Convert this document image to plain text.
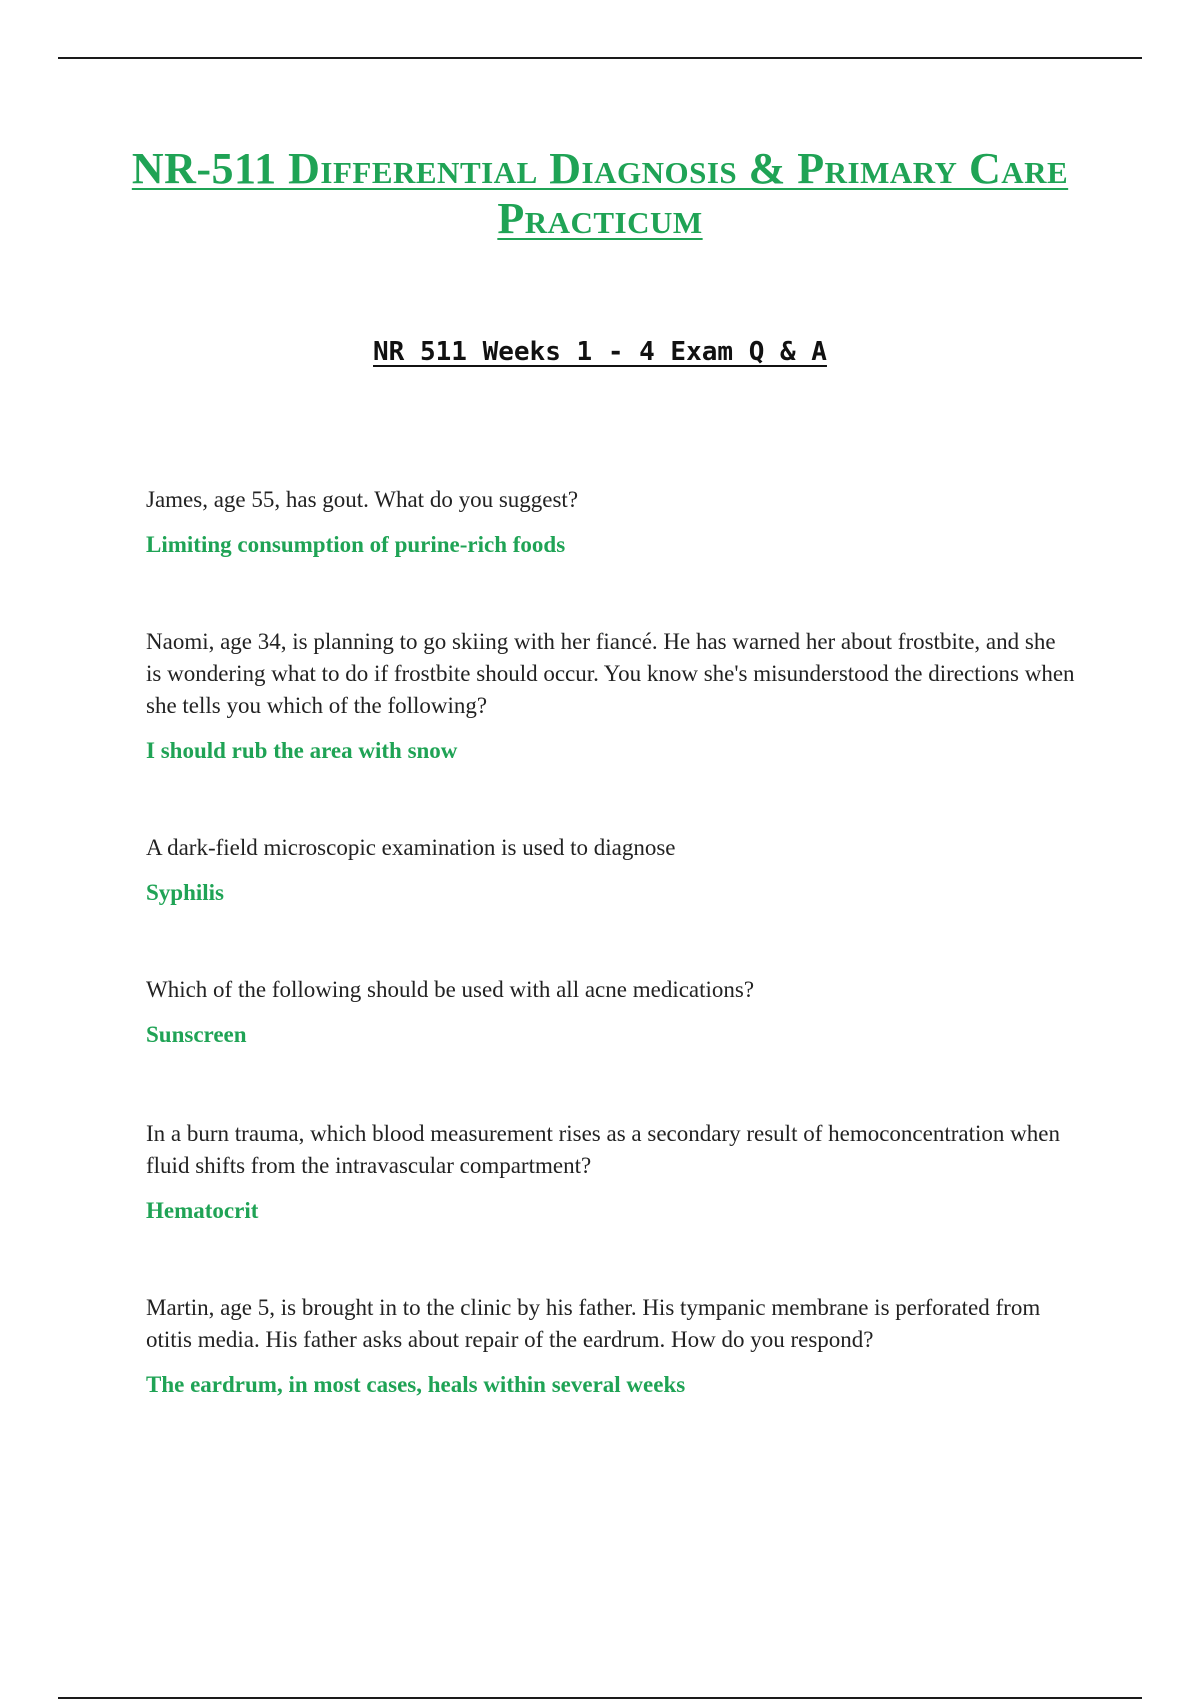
NR-511 Differential Diagnosis & Primary Care Practicum
NR 511 Weeks 1 - 4 Exam Q & A

James, age 55, has gout. What do you suggest?

Limiting consumption of purine-rich foods

Naomi, age 34, is planning to go skiing with her fiancé. He has warned her about frostbite, and she is wondering what to do if frostbite should occur. You know she's misunderstood the directions when she tells you which of the following?

I should rub the area with snow

A dark-field microscopic examination is used to diagnose

Syphilis

Which of the following should be used with all acne medications?

Sunscreen

In a burn trauma, which blood measurement rises as a secondary result of hemoconcentration when fluid shifts from the intravascular compartment?

Hematocrit

Martin, age 5, is brought in to the clinic by his father. His tympanic membrane is perforated from otitis media. His father asks about repair of the eardrum. How do you respond?

The eardrum, in most cases, heals within several weeks
